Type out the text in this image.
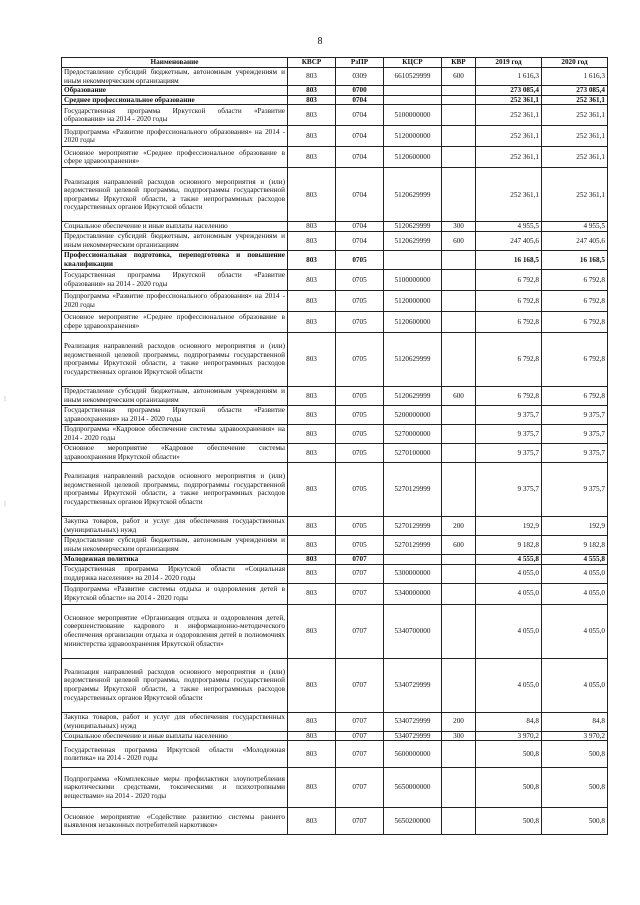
8
⁞
⁞
Наименование	КВСР	РзПР	КЦСР	КВР	2019 год	2020 год
Предоставление субсидий бюджетным, автономным учреждениям и иным некоммерческим организациям	803	0309	6610529999	600	1 616,3	1 616,3
Образование	803	0700			273 085,4	273 085,4
Среднее профессиональное образование	803	0704			252 361,1	252 361,1
Государственная программа Иркутской области «Развитие образования» на 2014 - 2020 годы	803	0704	5100000000		252 361,1	252 361,1
Подпрограмма «Развитие профессионального образования» на 2014 - 2020 годы	803	0704	5120000000		252 361,1	252 361,1
Основное мероприятие «Среднее профессиональное образование в сфере здравоохранения»	803	0704	5120600000		252 361,1	252 361,1
Реализация направлений расходов основного мероприятия и (или) ведомственной целевой программы, подпрограммы государственной программы Иркутской области, а также непрограммных расходов государственных органов Иркутской области	803	0704	5120629999		252 361,1	252 361,1
Социальное обеспечение и иные выплаты населению	803	0704	5120629999	300	4 955,5	4 955,5
Предоставление субсидий бюджетным, автономным учреждениям и иным некоммерческим организациям	803	0704	5120629999	600	247 405,6	247 405,6
Профессиональная подготовка, переподготовка и повышение квалификации	803	0705			16 168,5	16 168,5
Государственная программа Иркутской области «Развитие образования» на 2014 - 2020 годы	803	0705	5100000000		6 792,8	6 792,8
Подпрограмма «Развитие профессионального образования» на 2014 - 2020 годы	803	0705	5120000000		6 792,8	6 792,8
Основное мероприятие «Среднее профессиональное образование в сфере здравоохранения»	803	0705	5120600000		6 792,8	6 792,8
Реализация направлений расходов основного мероприятия и (или) ведомственной целевой программы, подпрограммы государственной программы Иркутской области, а также непрограммных расходов государственных органов Иркутской области	803	0705	5120629999		6 792,8	6 792,8
Предоставление субсидий бюджетным, автономным учреждениям и иным некоммерческим организациям	803	0705	5120629999	600	6 792,8	6 792,8
Государственная программа Иркутской области «Развитие здравоохранения» на 2014 - 2020 годы	803	0705	5200000000		9 375,7	9 375,7
Подпрограмма «Кадровое обеспечение системы здравоохранения» на 2014 - 2020 годы	803	0705	5270000000		9 375,7	9 375,7
Основное мероприятие «Кадровое обеспечение системы здравоохранения Иркутской области»	803	0705	5270100000		9 375,7	9 375,7
Реализация направлений расходов основного мероприятия и (или) ведомственной целевой программы, подпрограммы государственной программы Иркутской области, а также непрограммных расходов государственных органов Иркутской области	803	0705	5270129999		9 375,7	9 375,7
Закупка товаров, работ и услуг для обеспечения государственных (муниципальных) нужд	803	0705	5270129999	200	192,9	192,9
Предоставление субсидий бюджетным, автономным учреждениям и иным некоммерческим организациям	803	0705	5270129999	600	9 182,8	9 182,8
Молодежная политика	803	0707			4 555,8	4 555,8
Государственная программа Иркутской области «Социальная поддержка населения» на 2014 - 2020 годы	803	0707	5300000000		4 055,0	4 055,0
Подпрограмма «Развитие системы отдыха и оздоровления детей в Иркутской области» на 2014 - 2020 годы	803	0707	5340000000		4 055,0	4 055,0
Основное мероприятие «Организация отдыха и оздоровления детей, совершенствование кадрового и информационно-методического обеспечения организации отдыха и оздоровления детей в полномочиях министерства здравоохранения Иркутской области»	803	0707	5340700000		4 055,0	4 055,0
Реализация направлений расходов основного мероприятия и (или) ведомственной целевой программы, подпрограммы государственной программы Иркутской области, а также непрограммных расходов государственных органов Иркутской области	803	0707	5340729999		4 055,0	4 055,0
Закупка товаров, работ и услуг для обеспечения государственных (муниципальных) нужд	803	0707	5340729999	200	84,8	84,8
Социальное обеспечение и иные выплаты населению	803	0707	5340729999	300	3 970,2	3 970,2
Государственная программа Иркутской области «Молодежная политика» на 2014 - 2020 годы	803	0707	5600000000		500,8	500,8
Подпрограмма «Комплексные меры профилактики злоупотребления наркотическими средствами, токсическими и психотропными веществами» на 2014 - 2020 годы	803	0707	5650000000		500,8	500,8
Основное мероприятие «Содействие развитию системы раннего выявления незаконных потребителей наркотиков»	803	0707	5650200000		500,8	500,8
